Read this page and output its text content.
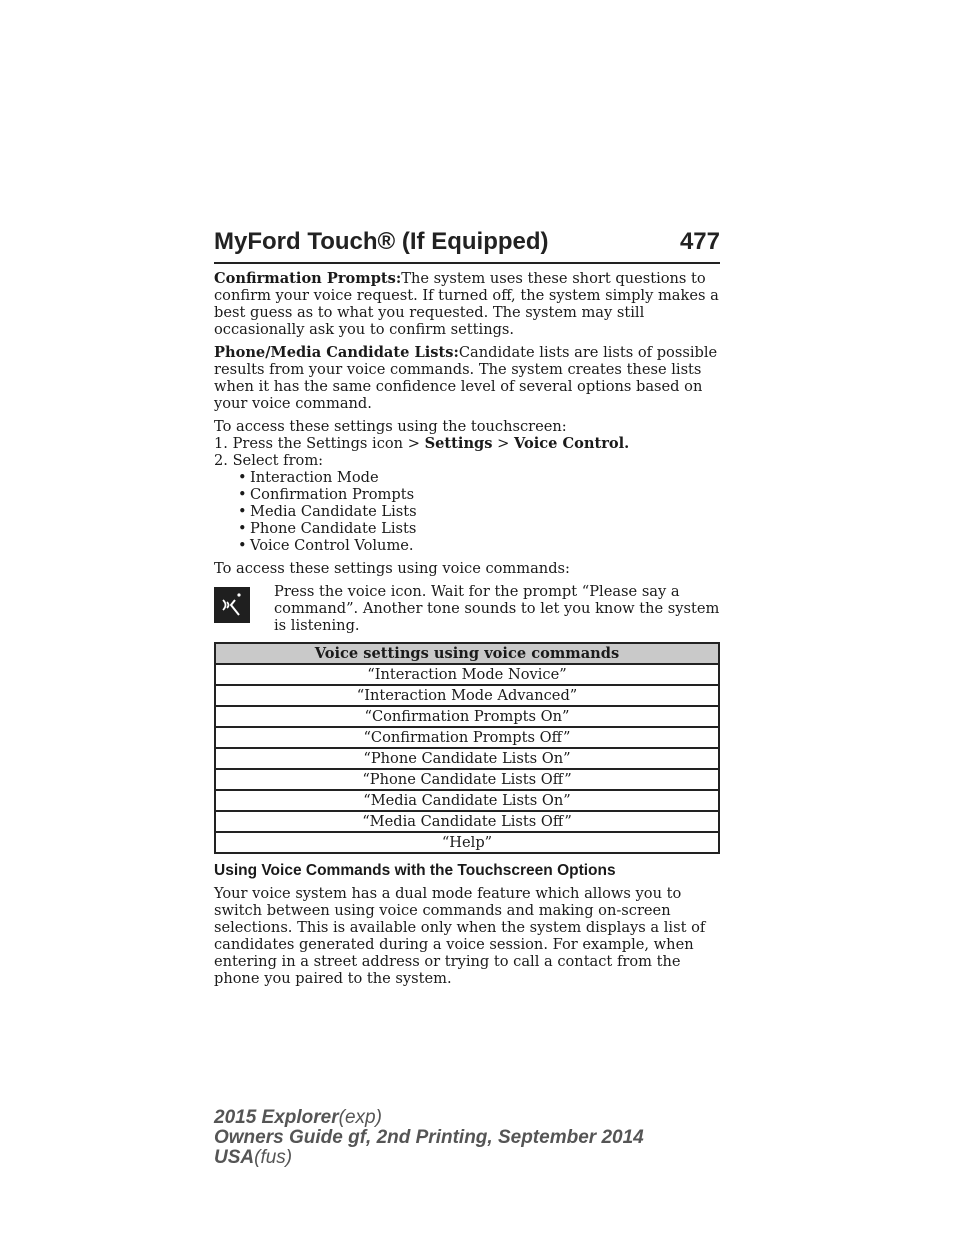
MyFord Touch® (If Equipped)	477

Confirmation Prompts:The system uses these short questions to confirm your voice request. If turned off, the system simply makes a best guess as to what you requested. The system may still occasionally ask you to confirm settings.

Phone/Media Candidate Lists:Candidate lists are lists of possible results from your voice commands. The system creates these lists when it has the same confidence level of several options based on your voice command.

To access these settings using the touchscreen:
1. Press the Settings icon > Settings > Voice Control.
2. Select from:
• Interaction Mode
• Confirmation Prompts
• Media Candidate Lists
• Phone Candidate Lists
• Voice Control Volume.

To access these settings using voice commands:

Press the voice icon. Wait for the prompt “Please say a command”. Another tone sounds to let you know the system is listening.
Voice settings using voice commands
“Interaction Mode Novice”
“Interaction Mode Advanced”
“Confirmation Prompts On”
“Confirmation Prompts Off”
“Phone Candidate Lists On”
“Phone Candidate Lists Off”
“Media Candidate Lists On”
“Media Candidate Lists Off”
“Help”
Using Voice Commands with the Touchscreen Options

Your voice system has a dual mode feature which allows you to switch between using voice commands and making on-screen selections. This is available only when the system displays a list of candidates generated during a voice session. For example, when entering in a street address or trying to call a contact from the phone you paired to the system.

2015 Explorer(exp)
Owners Guide gf, 2nd Printing, September 2014
USA(fus)
